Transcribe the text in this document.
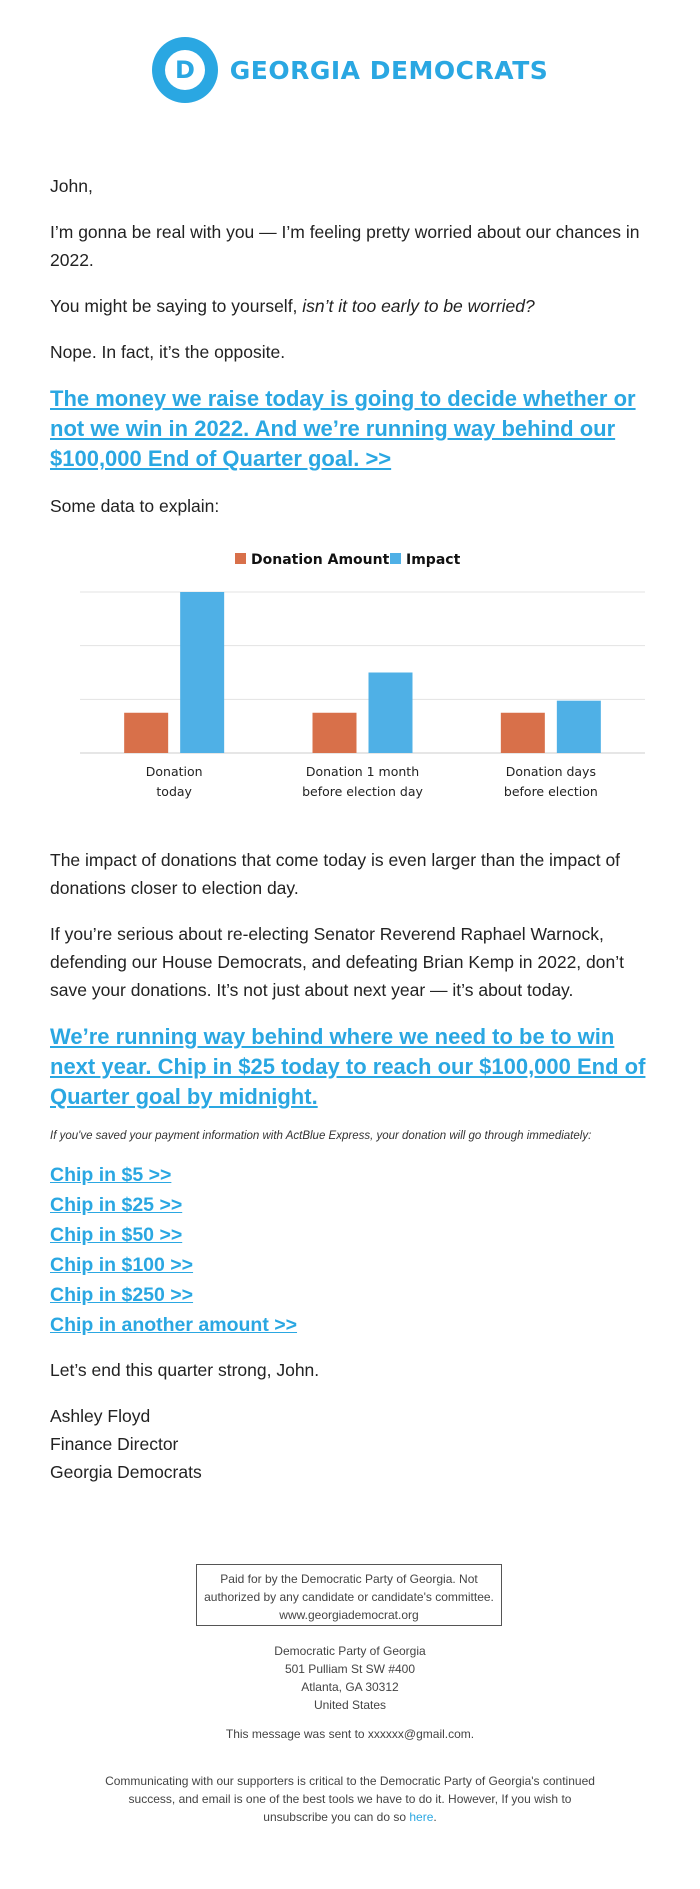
D GEORGIA DEMOCRATS

John,

I’m gonna be real with you — I’m feeling pretty worried about our chances in 2022.

You might be saying to yourself, isn’t it too early to be worried?

Nope. In fact, it’s the opposite.

The money we raise today is going to decide whether or not we win in 2022. And we’re running way behind our $100,000 End of Quarter goal. >>

Some data to explain:

Donation Amount Impact
Donation
today
Donation 1 month
before election day
Donation days
before election

The impact of donations that come today is even larger than the impact of donations closer to election day.

If you’re serious about re-electing Senator Reverend Raphael Warnock, defending our House Democrats, and defeating Brian Kemp in 2022, don’t save your donations. It’s not just about next year — it’s about today.

We’re running way behind where we need to be to win next year. Chip in $25 today to reach our $100,000 End of Quarter goal by midnight.

If you've saved your payment information with ActBlue Express, your donation will go through immediately:

Chip in $5 >>
Chip in $25 >>
Chip in $50 >>
Chip in $100 >>
Chip in $250 >>
Chip in another amount >>

Let’s end this quarter strong, John.

Ashley Floyd
Finance Director
Georgia Democrats
Paid for by the Democratic Party of Georgia. Not
authorized by any candidate or candidate's committee.
www.georgiademocrat.org
Democratic Party of Georgia
501 Pulliam St SW #400
Atlanta, GA 30312
United States
This message was sent to xxxxxx@gmail.com.
Communicating with our supporters is critical to the Democratic Party of Georgia's continued success, and email is one of the best tools we have to do it. However, If you wish to unsubscribe you can do so here.
